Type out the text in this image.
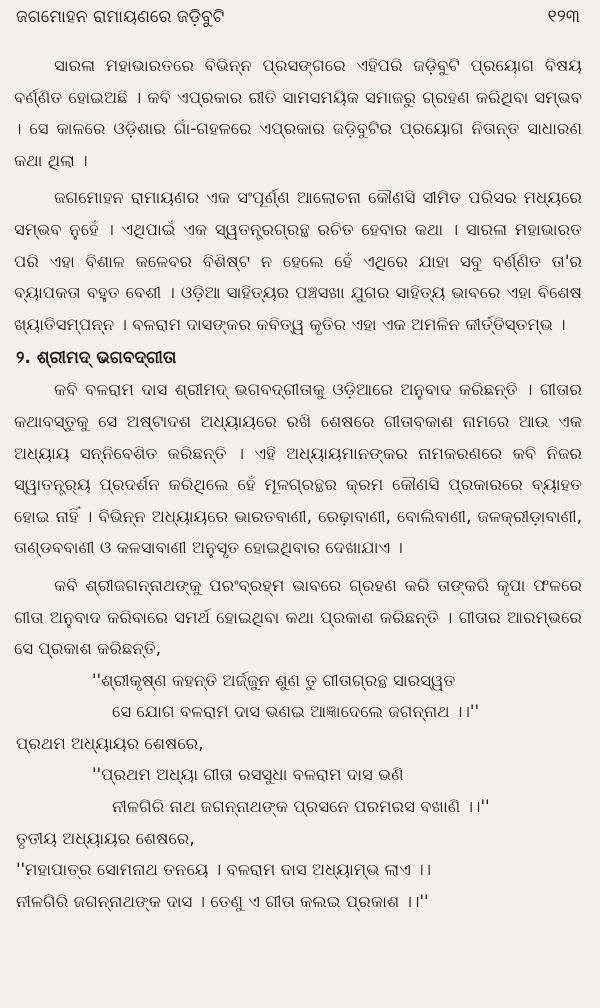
ଜଗମୋହନ ରାମାୟଣରେ ଜଡ଼ିବୁଟି	୧୨୩

ସାରଳା ମହାଭାରତରେ ବିଭିନ୍ନ ପ୍ରସଙ୍ଗରେ ଏହିପରି ଜଡ଼ିବୁଟି ପ୍ରୟୋଗ ବିଷୟ ବର୍ଣ୍ଣିତ ହୋଇଅଛି । କବି ଏପ୍ରକାର ରୀତି ସାମସମୟିକ ସମାଜରୁ ଗ୍ରହଣ କରିଥିବା ସମ୍ଭବ । ସେ କାଳରେ ଓଡ଼ିଶାର ଗାଁ-ଗହଳରେ ଏପ୍ରକାର ଜଡ଼ିବୁଟିର ପ୍ରୟୋଗ ନିତାନ୍ତ ସାଧାରଣ କଥା ଥିଲା ।

ଜଗମୋହନ ରାମାୟଣର ଏକ ସଂପୂର୍ଣ୍ଣ ଆଲୋଚନା କୌଣସି ସୀମିତ ପରିସର ମଧ୍ୟରେ ସମ୍ଭବ ନୁହେଁ । ଏଥିପାଇଁ ଏକ ସ୍ୱତନ୍ତ୍ରଗ୍ରନ୍ଥ ରଚିତ ହେବାର କଥା । ସାରଳା ମହାଭାରତ ପରି ଏହା ବିଶାଳ କଳେବର ବିଶିଷ୍ଟ ନ ହେଲେ ହେଁ ଏଥିରେ ଯାହା ସବୁ ବର୍ଣ୍ଣିତ ତା'ର ବ୍ୟାପକତା ବହୁତ ବେଶୀ । ଓଡ଼ିଆ ସାହିତ୍ୟର ପଞ୍ଚସଖା ଯୁଗର ସାହିତ୍ୟ ଭାବରେ ଏହା ବିଶେଷ ଖ୍ୟାତିସମ୍ପନ୍ନ । ବଳରାମ ଦାସଙ୍କର କବିତ୍ୱ କୃତିର ଏହା ଏକ ଅମଳିନ କୀର୍ତ୍ତିସ୍ତମ୍ଭ ।

୨. ଶ୍ରୀମଦ୍ ଭଗବଦ୍‌ଗୀତା

କବି ବଳରାମ ଦାସ ଶ୍ରୀମଦ୍ ଭଗବଦ୍‌ଗୀତାକୁ ଓଡ଼ିଆରେ ଅନୁବାଦ କରିଛନ୍ତି । ଗୀତାର କଥାବସ୍ତୁକୁ ସେ ଅଷ୍ଟାଦଶ ଅଧ୍ୟାୟରେ ରଖି ଶେଷରେ ଗୀତାବକାଶ ନାମରେ ଆଉ ଏକ ଅଧ୍ୟାୟ ସନ୍ନିବେଶିତ କରିଛନ୍ତି । ଏହି ଅଧ୍ୟାୟମାନଙ୍କର ନାମକରଣରେ କବି ନିଜର ସ୍ୱାତନ୍ତ୍ର୍ୟ ପ୍ରଦର୍ଶନ କରିଥିଲେ ହେଁ ମୂଳଗ୍ରନ୍ଥର କ୍ରମ କୌଣସି ପ୍ରକାରରେ ବ୍ୟାହତ ହୋଇ ନାହିଁ । ବିଭିନ୍ନ ଅଧ୍ୟାୟରେ ଭାରତବାଣୀ, ରେଢ଼ାବାଣୀ, ବୋଲିବାଣୀ, ଜଳକ୍ରୀଡ଼ାବାଣୀ, ତାଣ୍ଡବବାଣୀ ଓ କଳସାବାଣୀ ଅନୁସୃତ ହୋଇଥିବାର ଦେଖାଯାଏ ।

କବି ଶ୍ରୀଜଗନ୍ନାଥଙ୍କୁ ପରଂବ୍ରହ୍ମ ଭାବରେ ଗ୍ରହଣ କରି ତାଙ୍କରି କୃପା ଫଳରେ ଗୀତା ଅନୁବାଦ କରିବାରେ ସମର୍ଥ ହୋଇଥିବା କଥା ପ୍ରକାଶ କରିଛନ୍ତି । ଗୀତାର ଆରମ୍ଭରେ ସେ ପ୍ରକାଶ କରିଛନ୍ତି,

''ଶ୍ରୀକୃଷ୍ଣ କହନ୍ତି ଅର୍ଜ୍ଜୁନ ଶୁଣ ତୁ ଗୀତାଗ୍ରନ୍ଥ ସାରସ୍ୱତ
ସେ ଯୋଗ ବଳରାମ ଦାସ ଭଣଇ ଆଜ୍ଞାଦେଲେ ଜଗନ୍ନାଥ ।।''
ପ୍ରଥମ ଅଧ୍ୟାୟର ଶେଷରେ,
''ପ୍ରଥମ ଅଧ୍ୟା ଗୀତା ରସସୁଧା ବଳରାମ ଦାସ ଭଣି
ନୀଳଗିରି ନାଥ ଜଗନ୍ନାଥଙ୍କ ପ୍ରସନେ ପରମରସ ବଖାଣି ।।''
ତୃତୀୟ ଅଧ୍ୟାୟର ଶେଷରେ,
''ମହାପାତ୍ର ସୋମନାଥ ତନୟେ । ବଳରାମ ଦାସ ଅଧ୍ୟାମ୍ଭ ଲାଏ ।।
ନୀଳଗିରି ଜଗନ୍ନାଥଙ୍କ ଦାସ । ତେଣୁ ଏ ଗୀତା କଲଇ ପ୍ରକାଶ ।।''
